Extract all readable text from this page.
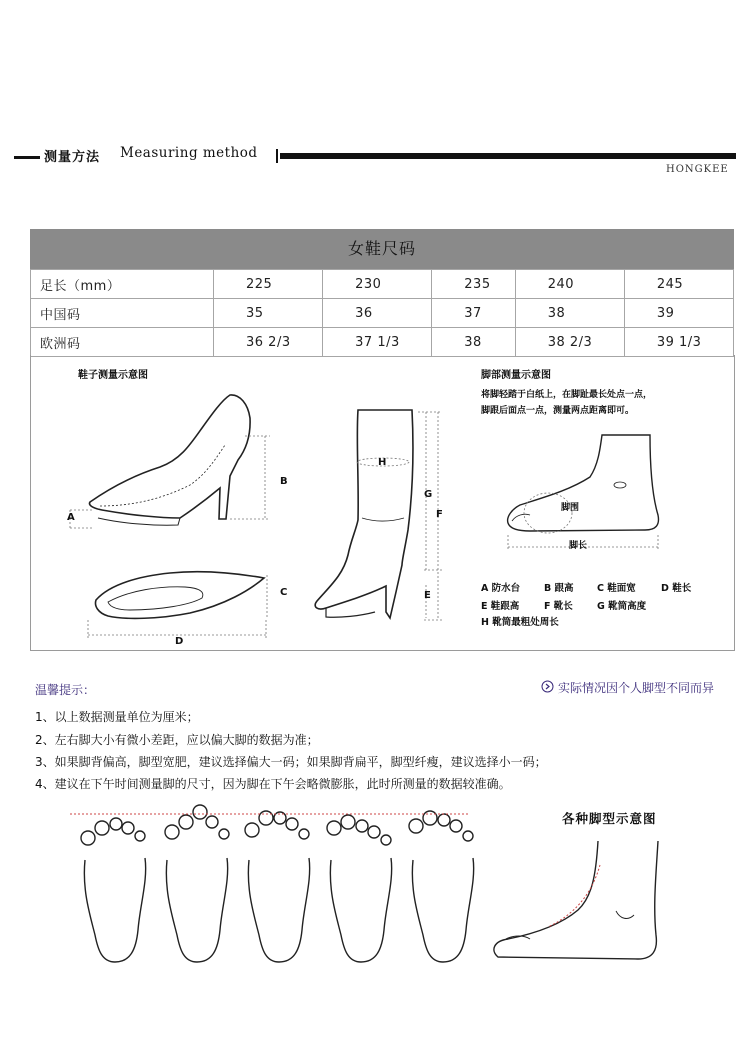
测量方法 Measuring method
HONGKEE
女鞋尺码
足长（mm）	225	230	235	240	245
中国码	35	36	37	38	39
欧洲码	36 2/3	37 1/3	38	38 2/3	39 1/3
鞋子测量示意图	脚部测量示意图
将脚轻踏于白纸上，在脚趾最长处点一点，
脚跟后面点一点，测量两点距离即可。
B
A
C
D
H
G
F
E
脚围
脚长
A 防水台	B 跟高 C 鞋面宽	D 鞋长
E 鞋跟高	F 靴长	G 靴筒高度
H 靴筒最粗处周长
温馨提示：	实际情况因个人脚型不同而异
1、以上数据测量单位为厘米；
2、左右脚大小有微小差距，应以偏大脚的数据为准；
3、如果脚背偏高，脚型宽肥，建议选择偏大一码；如果脚背扁平，脚型纤瘦，建议选择小一码；
4、建议在下午时间测量脚的尺寸，因为脚在下午会略微膨胀，此时所测量的数据较准确。
各种脚型示意图
